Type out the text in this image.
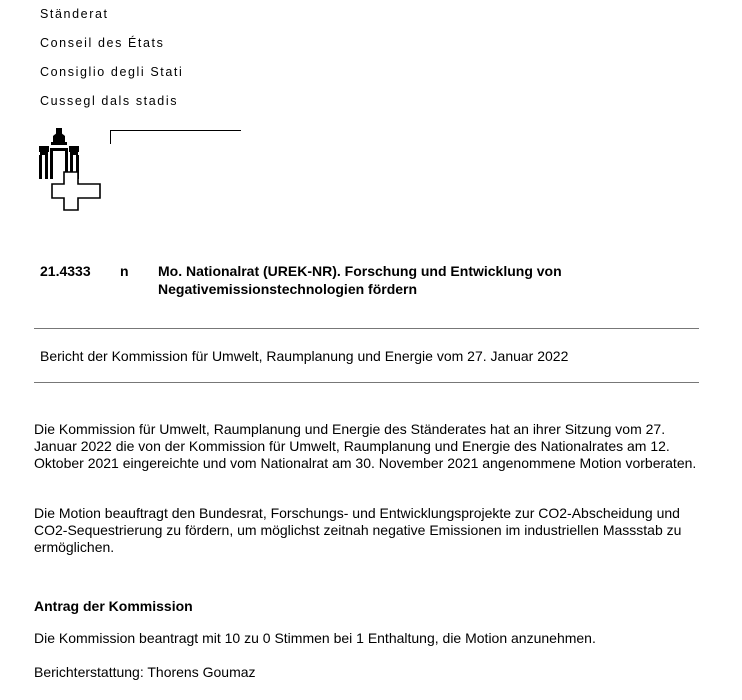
Ständerat
Conseil des États
Consiglio degli Stati
Cussegl dals stadis
21.4333 n Mo. Nationalrat (UREK-NR). Forschung und Entwicklung von
Negativemissionstechnologien fördern
Bericht der Kommission für Umwelt, Raumplanung und Energie vom 27. Januar 2022
Die Kommission für Umwelt, Raumplanung und Energie des Ständerates hat an ihrer Sitzung vom 27. Januar 2022 die von der Kommission für Umwelt, Raumplanung und Energie des Nationalrates am 12. Oktober 2021 eingereichte und vom Nationalrat am 30. November 2021 angenommene Motion vorberaten.
Die Motion beauftragt den Bundesrat, Forschungs- und Entwicklungsprojekte zur CO2-Abscheidung und CO2-Sequestrierung zu fördern, um möglichst zeitnah negative Emissionen im industriellen Massstab zu ermöglichen.
Antrag der Kommission
Die Kommission beantragt mit 10 zu 0 Stimmen bei 1 Enthaltung, die Motion anzunehmen.
Berichterstattung: Thorens Goumaz
